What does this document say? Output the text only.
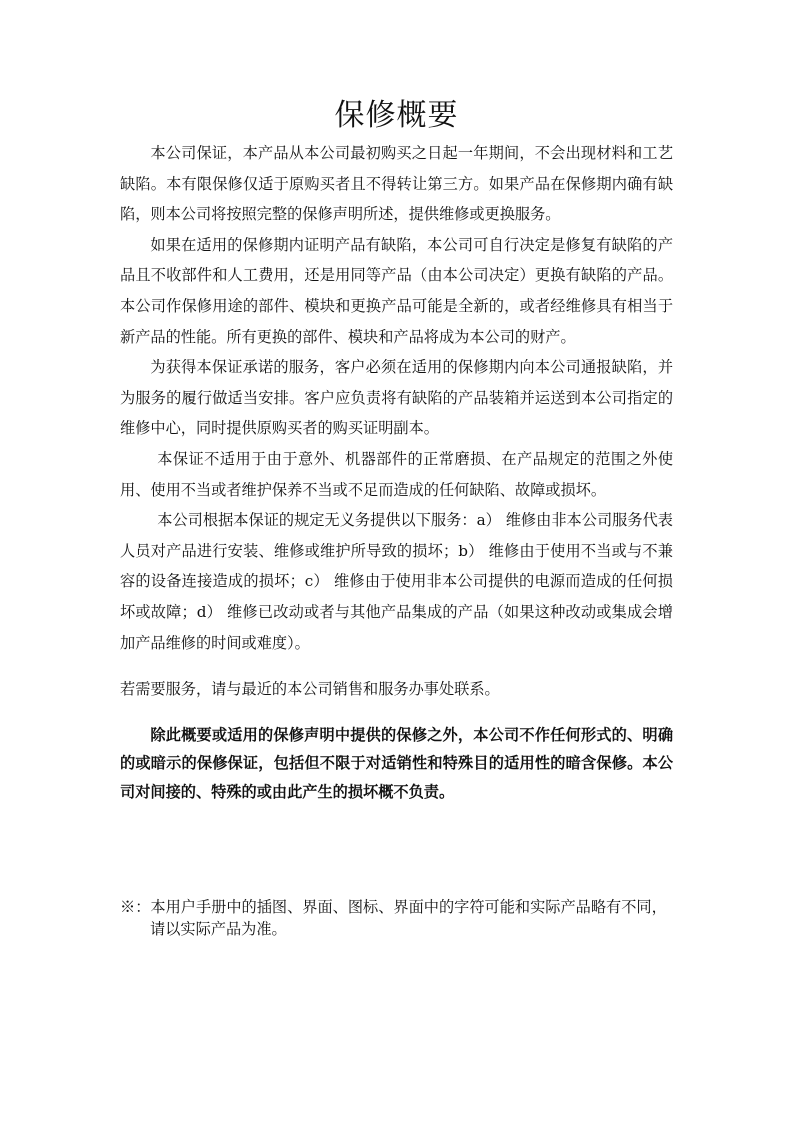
保修概要

本公司保证，本产品从本公司最初购买之日起一年期间，不会出现材料和工艺缺陷。本有限保修仅适于原购买者且不得转让第三方。如果产品在保修期内确有缺陷，则本公司将按照完整的保修声明所述，提供维修或更换服务。

如果在适用的保修期内证明产品有缺陷，本公司可自行决定是修复有缺陷的产品且不收部件和人工费用，还是用同等产品（由本公司决定）更换有缺陷的产品。本公司作保修用途的部件、模块和更换产品可能是全新的，或者经维修具有相当于新产品的性能。所有更换的部件、模块和产品将成为本公司的财产。

为获得本保证承诺的服务，客户必须在适用的保修期内向本公司通报缺陷，并为服务的履行做适当安排。客户应负责将有缺陷的产品装箱并运送到本公司指定的维修中心，同时提供原购买者的购买证明副本。

本保证不适用于由于意外、机器部件的正常磨损、在产品规定的范围之外使用、使用不当或者维护保养不当或不足而造成的任何缺陷、故障或损坏。

本公司根据本保证的规定无义务提供以下服务：a） 维修由非本公司服务代表人员对产品进行安装、维修或维护所导致的损坏；b） 维修由于使用不当或与不兼容的设备连接造成的损坏；c） 维修由于使用非本公司提供的电源而造成的任何损坏或故障；d） 维修已改动或者与其他产品集成的产品（如果这种改动或集成会增加产品维修的时间或难度）。

若需要服务，请与最近的本公司销售和服务办事处联系。

除此概要或适用的保修声明中提供的保修之外，本公司不作任何形式的、明确的或暗示的保修保证，包括但不限于对适销性和特殊目的适用性的暗含保修。本公司对间接的、特殊的或由此产生的损坏概不负责。

※：本用户手册中的插图、界面、图标、界面中的字符可能和实际产品略有不同，
请以实际产品为准。
